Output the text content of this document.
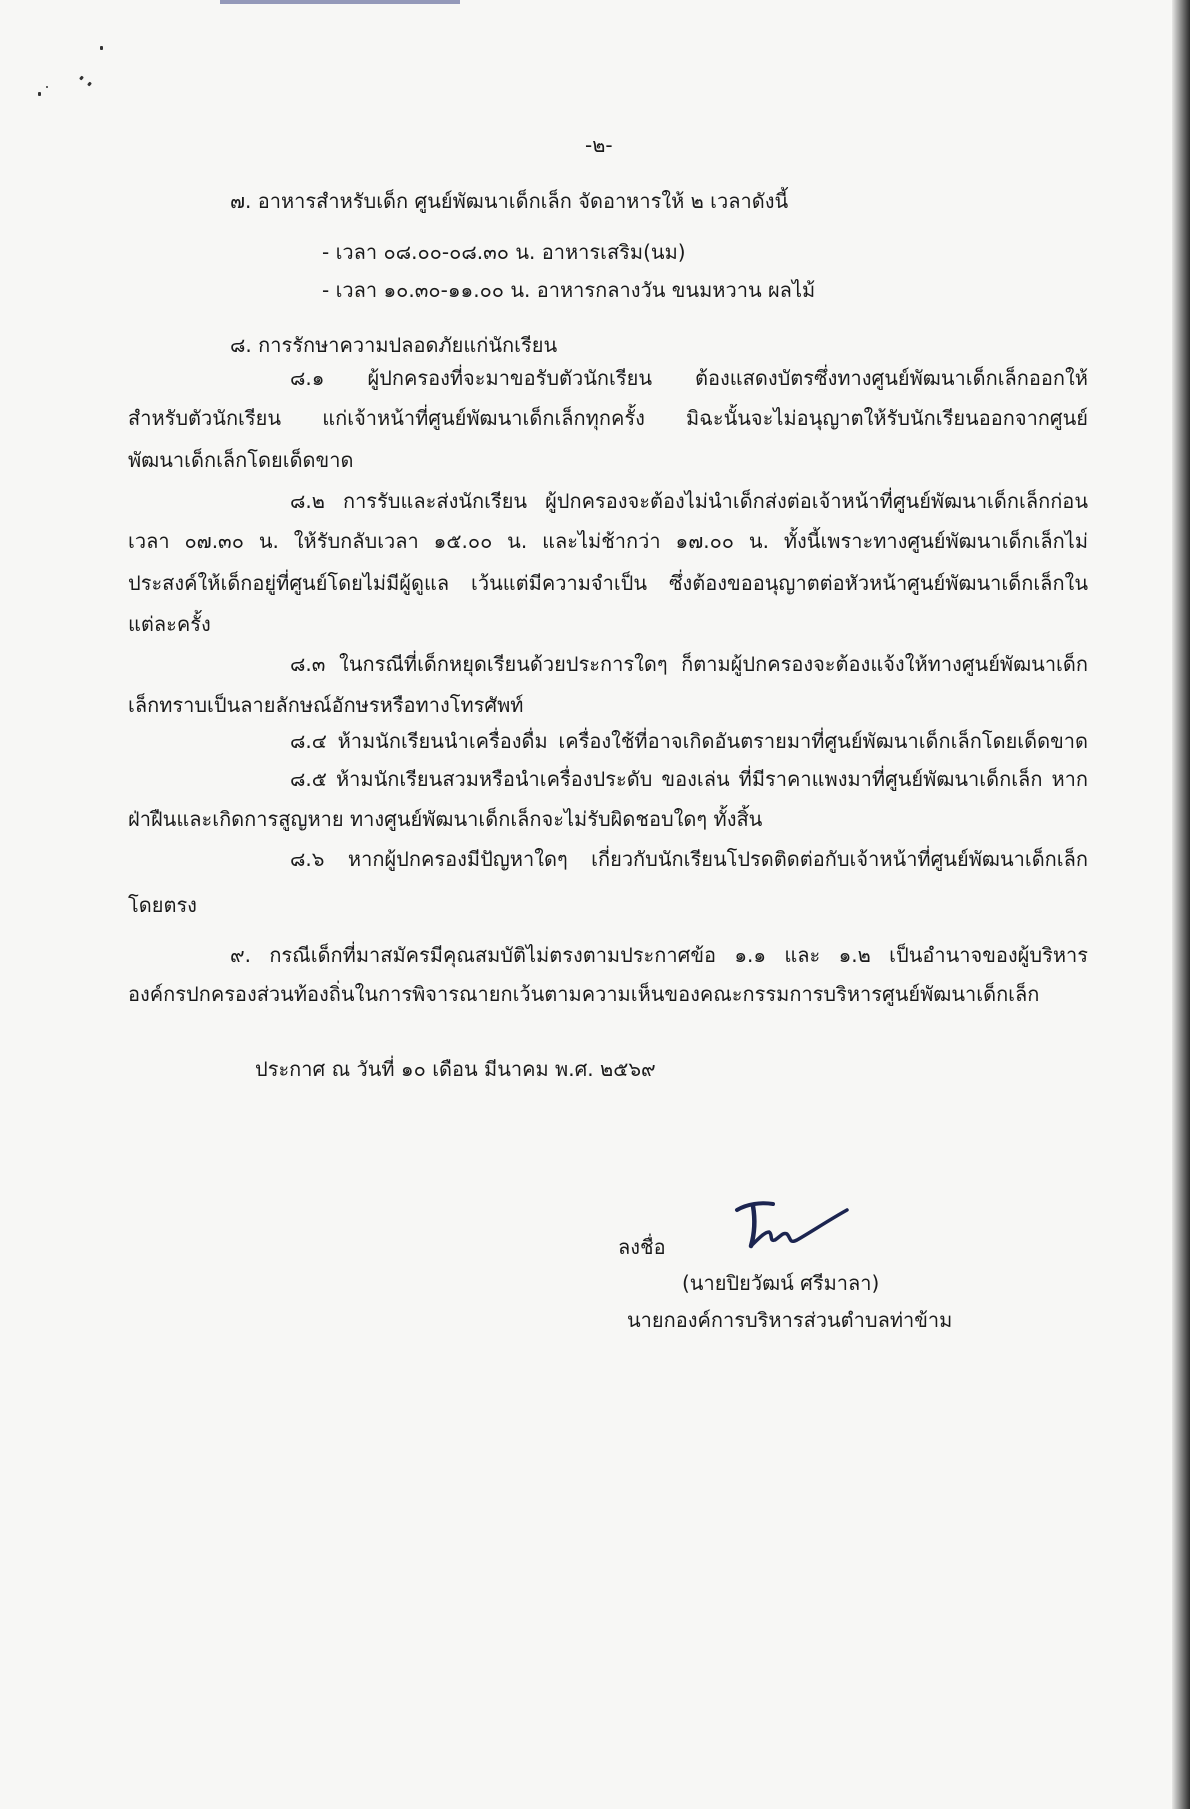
-๒-
๗. อาหารสำหรับเด็ก ศูนย์พัฒนาเด็กเล็ก จัดอาหารให้ ๒ เวลาดังนี้
- เวลา ๐๘.๐๐-๐๘.๓๐ น. อาหารเสริม(นม)
- เวลา ๑๐.๓๐-๑๑.๐๐ น. อาหารกลางวัน ขนมหวาน ผลไม้
๘. การรักษาความปลอดภัยแก่นักเรียน
๘.๑ ผู้ปกครองที่จะมาขอรับตัวนักเรียน ต้องแสดงบัตรซึ่งทางศูนย์พัฒนาเด็กเล็กออกให้
สำหรับตัวนักเรียน แก่เจ้าหน้าที่ศูนย์พัฒนาเด็กเล็กทุกครั้ง มิฉะนั้นจะไม่อนุญาตให้รับนักเรียนออกจากศูนย์
พัฒนาเด็กเล็กโดยเด็ดขาด
๘.๒ การรับและส่งนักเรียน ผู้ปกครองจะต้องไม่นำเด็กส่งต่อเจ้าหน้าที่ศูนย์พัฒนาเด็กเล็กก่อน
เวลา ๐๗.๓๐ น. ให้รับกลับเวลา ๑๕.๐๐ น. และไม่ช้ากว่า ๑๗.๐๐ น. ทั้งนี้เพราะทางศูนย์พัฒนาเด็กเล็กไม่
ประสงค์ให้เด็กอยู่ที่ศูนย์โดยไม่มีผู้ดูแล เว้นแต่มีความจำเป็น ซึ่งต้องขออนุญาตต่อหัวหน้าศูนย์พัฒนาเด็กเล็กใน
แต่ละครั้ง
๘.๓ ในกรณีที่เด็กหยุดเรียนด้วยประการใดๆ ก็ตามผู้ปกครองจะต้องแจ้งให้ทางศูนย์พัฒนาเด็ก
เล็กทราบเป็นลายลักษณ์อักษรหรือทางโทรศัพท์
๘.๔ ห้ามนักเรียนนำเครื่องดื่ม เครื่องใช้ที่อาจเกิดอันตรายมาที่ศูนย์พัฒนาเด็กเล็กโดยเด็ดขาด
๘.๕ ห้ามนักเรียนสวมหรือนำเครื่องประดับ ของเล่น ที่มีราคาแพงมาที่ศูนย์พัฒนาเด็กเล็ก หาก
ฝ่าฝืนและเกิดการสูญหาย ทางศูนย์พัฒนาเด็กเล็กจะไม่รับผิดชอบใดๆ ทั้งสิ้น
๘.๖ หากผู้ปกครองมีปัญหาใดๆ เกี่ยวกับนักเรียนโปรดติดต่อกับเจ้าหน้าที่ศูนย์พัฒนาเด็กเล็ก
โดยตรง
๙. กรณีเด็กที่มาสมัครมีคุณสมบัติไม่ตรงตามประกาศข้อ ๑.๑ และ ๑.๒ เป็นอำนาจของผู้บริหาร
องค์กรปกครองส่วนท้องถิ่นในการพิจารณายกเว้นตามความเห็นของคณะกรรมการบริหารศูนย์พัฒนาเด็กเล็ก
ประกาศ ณ วันที่ ๑๐ เดือน มีนาคม พ.ศ. ๒๕๖๙
ลงชื่อ
(นายปิยวัฒน์ ศรีมาลา)
นายกองค์การบริหารส่วนตำบลท่าข้าม
